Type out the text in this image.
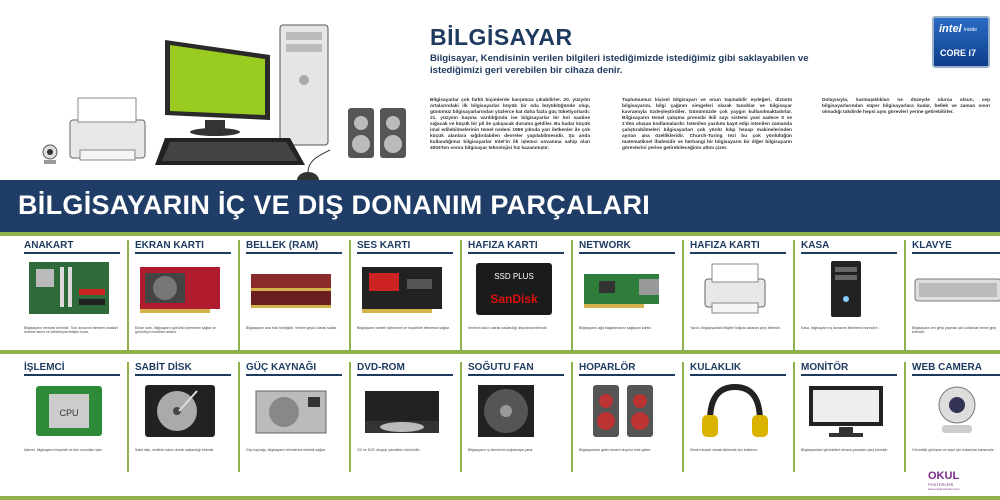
BİLGİSAYAR
Bilgisayar, Kendisinin verilen bilgileri istediğimizde istediğimiz gibi saklayabilen ve istediğimizi geri verebilen bir cihaza denir.
Bilgisayarlar çok farklı biçimlerde karşımıza çıkabilirler. 20. yüzyılın ortalarındaki ilk bilgisayarlar büyük bir oda büyüklüğünde olup, günümüz bilgisayarlarından yüzlerce kat daha fazla güç tüketiyorlardı. 21. yüzyılın başına varıldığında ise bilgisayarlar bir kol saatine sığacak ve küçük bir pil ile çalışacak duruma geldiler. Bu kadar küçük imal edilebilmelerinin temel nedeni 1969 yılında yarı iletkenler ile çok küçük alanlara sığdırılabilen devreler yapılabilmesidir. Şu anda kullandığımız bilgisayarlar Intel'in ilk işlemci unvanına sahip olan 4004'ten sonra bilgisayar teknolojisi hız kazanmıştır.
Toplumumuz kişisel bilgisayarı ve onun taşınabilir eşdeğeri, dizüstü bilgisayarını, bilgi çağının simgeleri olarak tanıdılar ve bilgisayar kavramıyla özdeşleştirdiler. Günümüzde çok yaygın kullanılmaktadırlar. Bilgisayarın temel çalışma prensibi ikili sayı sistemi yani sadece 0 ve 1'den oluşan kodlamalardır. İstenilen yazılımı kayıt edip istenilen zamanda çalıştırabilmeleri bilgisayarları çok yönlü kılıp hesap makinelerinden ayıran ana özellikleridir. Church-Turing tezi bu çok yönlülüğün matematiksel ifadesidir ve herhangi bir bilgisayarın bir diğer bilgisayarın görevlerini yerine getirebileceğinin altını çizer.
Dolayısıyla, karmaşıklıkları ne düzeyde olursa olsun, cep bilgisayarlarından süper bilgisayarlara kadar, bellek ve zaman sınırı olmadığı takdirde hepsi aynı görevleri yerine getirebilirler.
intel inside
CORE i7
BİLGİSAYARIN İÇ VE DIŞ DONANIM PARÇALARI
ANAKART
Bilgisayarın merkezi birimidir. Tüm donanım birimleri anakart üzerine takılır ve birbirleriyle iletişim kurar.
EKRAN KARTI
Ekran kartı, bilgisayarın görüntü işlemesini sağlar ve görüntüyü monitöre aktarır.
BELLEK (RAM)
Bilgisayarın ana hızlı belleğidir. Verileri geçici olarak saklar.
SES KARTI
Bilgisayarın sesleri işlemesini ve hoparlöre iletmesini sağlar.
HAFIZA KARTI
SSD PLUS
SanDisk
Verilerin kalıcı olarak saklandığı depolama birimidir.
NETWORK
Bilgisayarın ağa bağlanmasını sağlayan karttır.
HAFIZA KARTI
Yazıcı, bilgisayardaki bilgileri kağıda aktaran çıkış birimidir.
KASA
Kasa, bilgisayarın iç donanım birimlerini barındırır.
KLAVYE
Bilgisayara veri girişi yapmak için kullanılan temel giriş birimidir.
İŞLEMCİ
CPU
İşlemci, bilgisayarın beynidir ve tüm komutları işler.
SABİT DİSK
Sabit disk, verilerin kalıcı olarak saklandığı birimdir.
GÜÇ KAYNAĞI
Güç kaynağı, bilgisayarın birimlerine elektrik sağlar.
DVD-ROM
CD ve DVD okuyup yazabilen sürücüdür.
SOĞUTU FAN
Bilgisayarın iç birimlerini soğutmaya yarar.
HOPARLÖR
Bilgisayardan gelen sesleri duyulur hale getirir.
KULAKLIK
Sesleri kişisel olarak dinlemek için kullanılır.
MONİTÖR
Bilgisayardaki görüntüleri ekrana yansıtan çıkış birimidir.
WEB CAMERA
Görüntülü görüşme ve kayıt için kullanılan kameradır.
OKUL
POSTERLERİ
www.okulposterleri.com
